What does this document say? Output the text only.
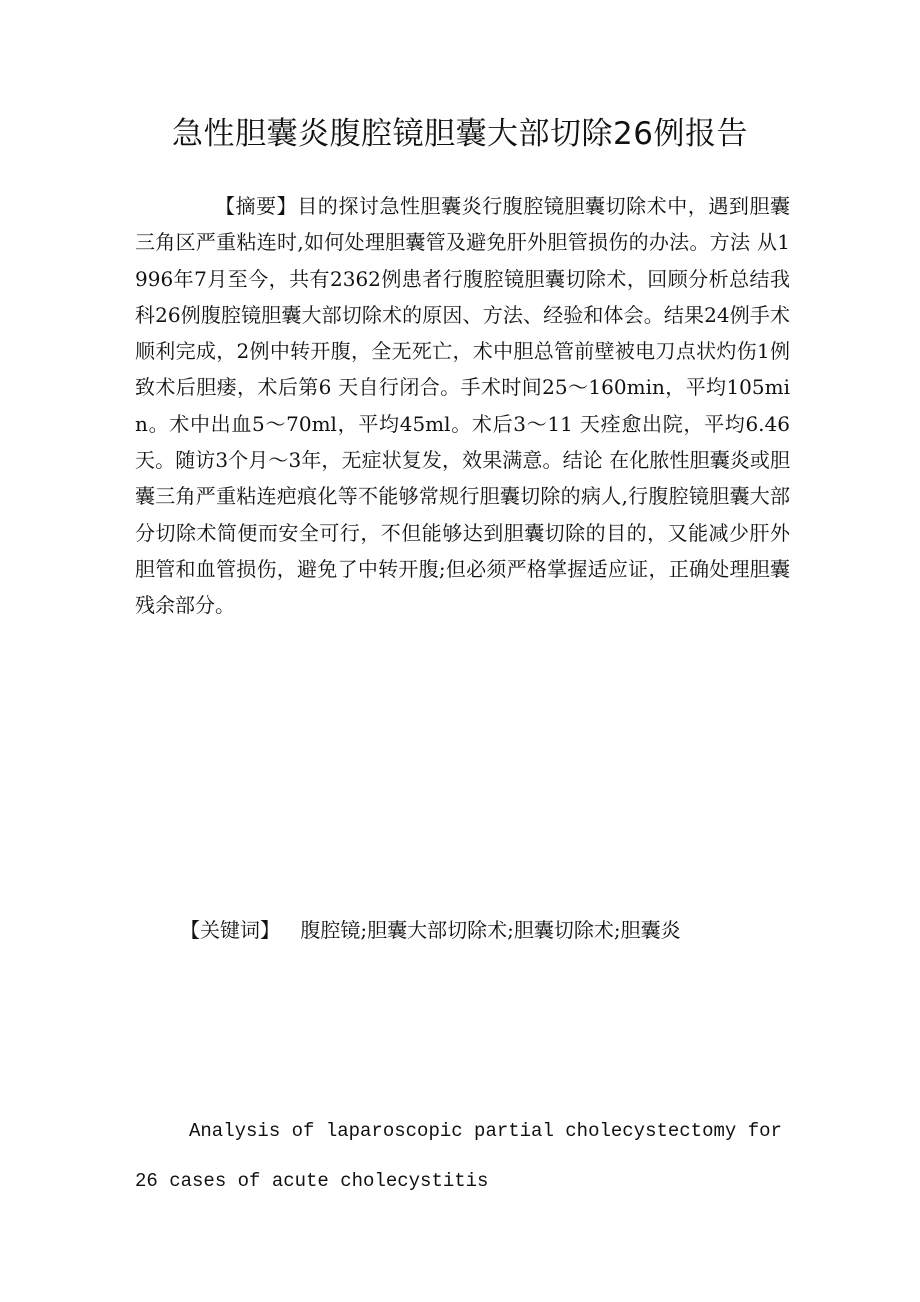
急性胆囊炎腹腔镜胆囊大部切除26例报告

【摘要】目的探讨急性胆囊炎行腹腔镜胆囊切除术中，遇到胆囊三角区严重粘连时,如何处理胆囊管及避免肝外胆管损伤的办法。方法 从1996年7月至今，共有2362例患者行腹腔镜胆囊切除术，回顾分析总结我科26例腹腔镜胆囊大部切除术的原因、方法、经验和体会。结果24例手术顺利完成，2例中转开腹，全无死亡，术中胆总管前壁被电刀点状灼伤1例致术后胆瘘，术后第6 天自行闭合。手术时间25～160min，平均105min。术中出血5～70ml，平均45ml。术后3～11 天痊愈出院，平均6.46天。随访3个月～3年，无症状复发，效果满意。结论 在化脓性胆囊炎或胆囊三角严重粘连疤痕化等不能够常规行胆囊切除的病人,行腹腔镜胆囊大部分切除术简便而安全可行，不但能够达到胆囊切除的目的，又能减少肝外胆管和血管损伤，避免了中转开腹;但必须严格掌握适应证，正确处理胆囊残余部分。

【关键词】 腹腔镜;胆囊大部切除术;胆囊切除术;胆囊炎

Analysis of laparoscopic partial cholecystectomy for 26 cases of acute cholecystitis
